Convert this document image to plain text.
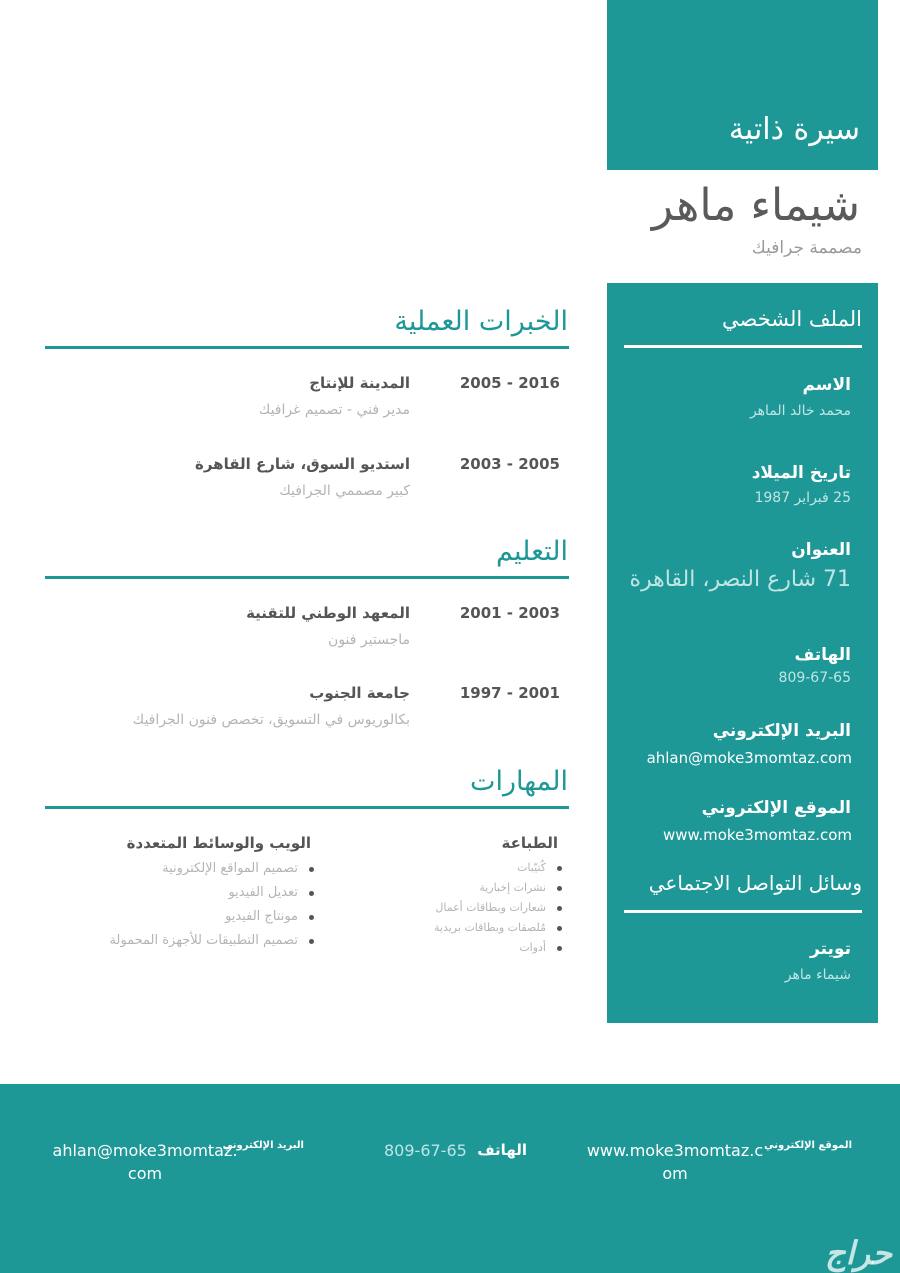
سيرة ذاتية
شيماء ماهر
مصممة جرافيك
الملف الشخصي
الاسم
محمد خالد الماهر
تاريخ الميلاد
25 فبراير 1987
العنوان
71 شارع النصر، القاهرة
الهاتف
809-67-65
البريد الإلكتروني
ahlan@moke3momtaz.com
الموقع الإلكتروني
www.moke3momtaz.com
وسائل التواصل الاجتماعي
تويتر
شيماء ماهر
الخبرات العملية
المدينة للإنتاج
مدير فني - تصميم غرافيك
2005 - 2016
استديو السوق، شارع القاهرة
كبير مصممي الجرافيك
2003 - 2005
التعليم
المعهد الوطني للتقنية
ماجستير فنون
2001 - 2003
جامعة الجنوب
بكالوريوس في التسويق، تخصص فنون الجرافيك
1997 - 2001
المهارات
الطباعة
كُتيّبات
نشرات إخبارية
شعارات وبطاقات أعمال
مُلصقات وبطاقات بريدية
أدوات
الويب والوسائط المتعددة
تصميم المواقع الإلكترونية
تعديل الفيديو
مونتاج الفيديو
تصميم التطبيقات للأجهزة المحمولة
الموقع الإلكتروني
www.moke3momtaz.com
الهاتف
809-67-65
البريد الإلكتروني
ahlan@moke3momtaz.com
حراج
